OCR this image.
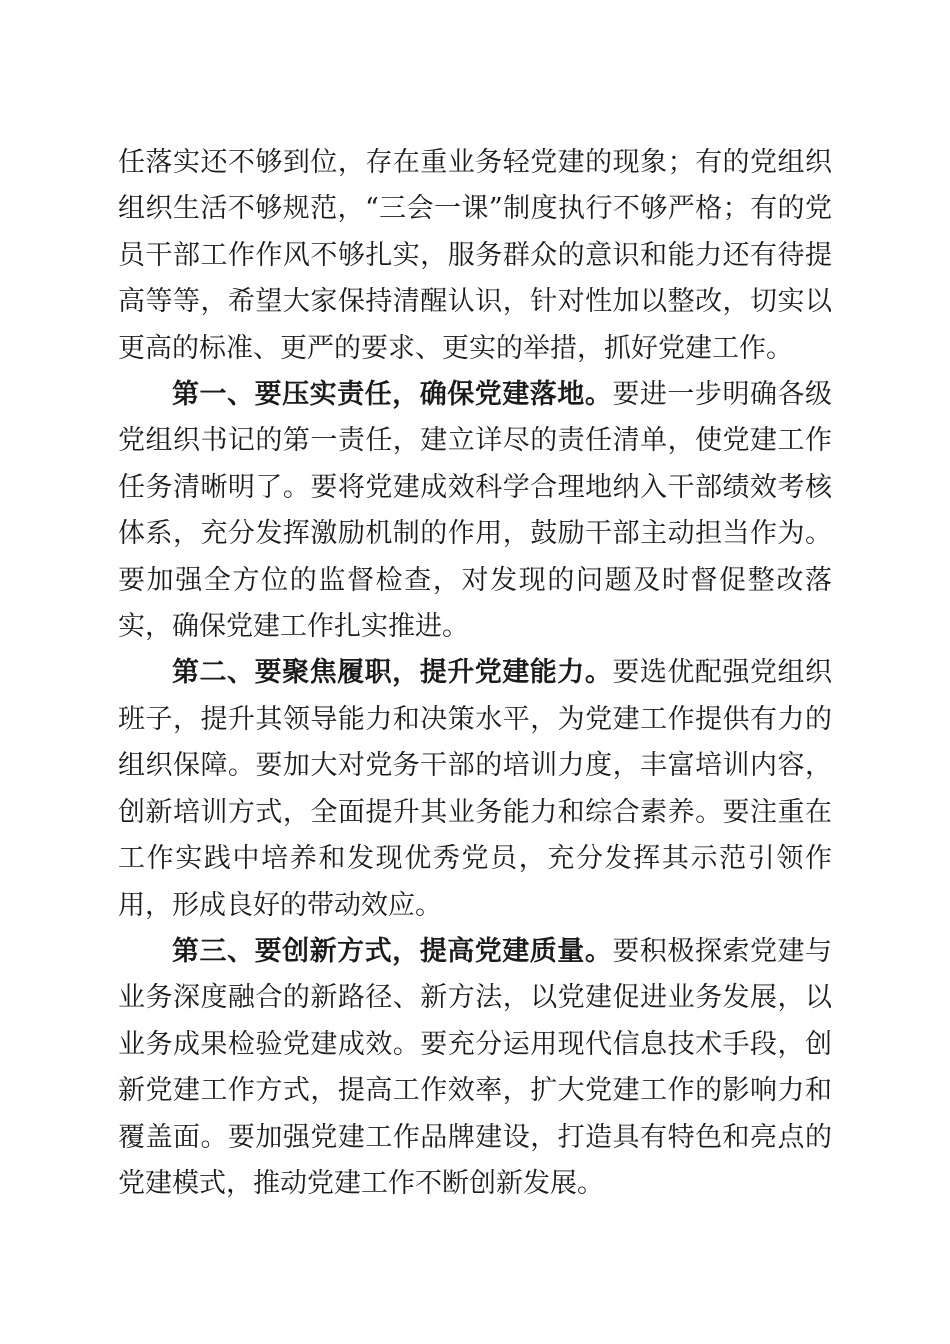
任落实还不够到位，存在重业务轻党建的现象；有的党组织组织生活不够规范，“三会一课”制度执行不够严格；有的党员干部工作作风不够扎实，服务群众的意识和能力还有待提高等等，希望大家保持清醒认识，针对性加以整改，切实以更高的标准、更严的要求、更实的举措，抓好党建工作。

第一、要压实责任，确保党建落地。要进一步明确各级党组织书记的第一责任，建立详尽的责任清单，使党建工作任务清晰明了。要将党建成效科学合理地纳入干部绩效考核体系，充分发挥激励机制的作用，鼓励干部主动担当作为。要加强全方位的监督检查，对发现的问题及时督促整改落实，确保党建工作扎实推进。

第二、要聚焦履职，提升党建能力。要选优配强党组织班子，提升其领导能力和决策水平，为党建工作提供有力的组织保障。要加大对党务干部的培训力度，丰富培训内容，创新培训方式，全面提升其业务能力和综合素养。要注重在工作实践中培养和发现优秀党员，充分发挥其示范引领作用，形成良好的带动效应。

第三、要创新方式，提高党建质量。要积极探索党建与业务深度融合的新路径、新方法，以党建促进业务发展，以业务成果检验党建成效。要充分运用现代信息技术手段，创新党建工作方式，提高工作效率，扩大党建工作的影响力和覆盖面。要加强党建工作品牌建设，打造具有特色和亮点的党建模式，推动党建工作不断创新发展。
